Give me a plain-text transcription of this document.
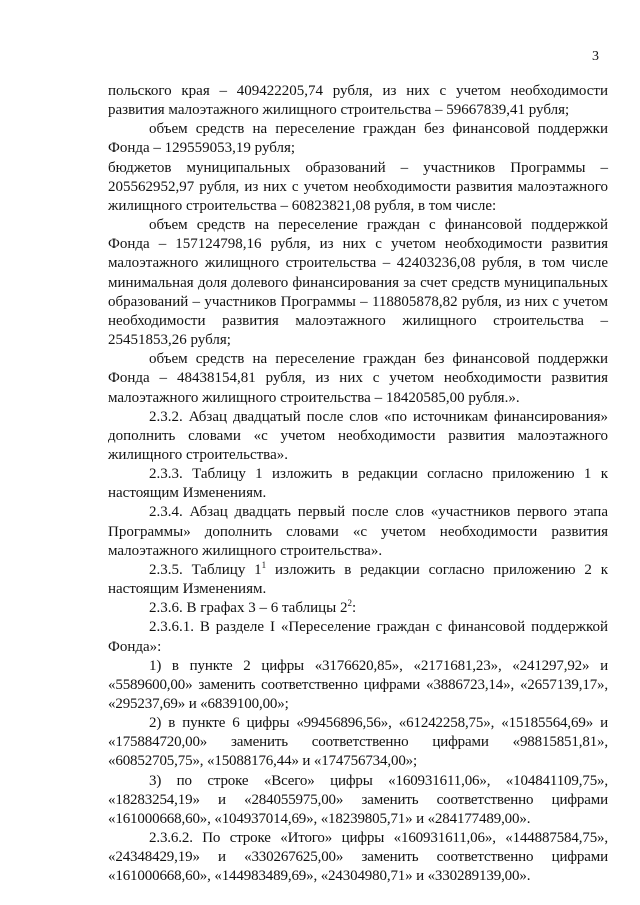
3

польского края – 409422205,74 рубля, из них с учетом необходимости развития малоэтажного жилищного строительства – 59667839,41 рубля;

объем средств на переселение граждан без финансовой поддержки Фонда – 129559053,19 рубля;

бюджетов муниципальных образований – участников Программы – 205562952,97 рубля, из них с учетом необходимости развития малоэтажного жилищного строительства – 60823821,08 рубля, в том числе:

объем средств на переселение граждан с финансовой поддержкой Фонда – 157124798,16 рубля, из них с учетом необходимости развития малоэтажного жилищного строительства – 42403236,08 рубля, в том числе минимальная доля долевого финансирования за счет средств муниципальных образований – участников Программы – 118805878,82 рубля, из них с учетом необходимости развития малоэтажного жилищного строительства – 25451853,26 рубля;

объем средств на переселение граждан без финансовой поддержки Фонда – 48438154,81 рубля, из них с учетом необходимости развития малоэтажного жилищного строительства – 18420585,00 рубля.».

2.3.2. Абзац двадцатый после слов «по источникам финансирования» дополнить словами «с учетом необходимости развития малоэтажного жилищного строительства».

2.3.3. Таблицу 1 изложить в редакции согласно приложению 1 к настоящим Изменениям.

2.3.4. Абзац двадцать первый после слов «участников первого этапа Программы» дополнить словами «с учетом необходимости развития малоэтажного жилищного строительства».

2.3.5. Таблицу $1^1$ изложить в редакции согласно приложению 2 к настоящим Изменениям.

2.3.6. В графах 3 – 6 таблицы $2^2$:

2.3.6.1. В разделе I «Переселение граждан с финансовой поддержкой Фонда»:

1) в пункте 2 цифры «3176620,85», «2171681,23», «241297,92» и «5589600,00» заменить соответственно цифрами «3886723,14», «2657139,17», «295237,69» и «6839100,00»;

2) в пункте 6 цифры «99456896,56», «61242258,75», «15185564,69» и «175884720,00» заменить соответственно цифрами «98815851,81», «60852705,75», «15088176,44» и «174756734,00»;

3) по строке «Всего» цифры «160931611,06», «104841109,75», «18283254,19» и «284055975,00» заменить соответственно цифрами «161000668,60», «104937014,69», «18239805,71» и «284177489,00».

2.3.6.2. По строке «Итого» цифры «160931611,06», «144887584,75», «24348429,19» и «330267625,00» заменить соответственно цифрами «161000668,60», «144983489,69», «24304980,71» и «330289139,00».
